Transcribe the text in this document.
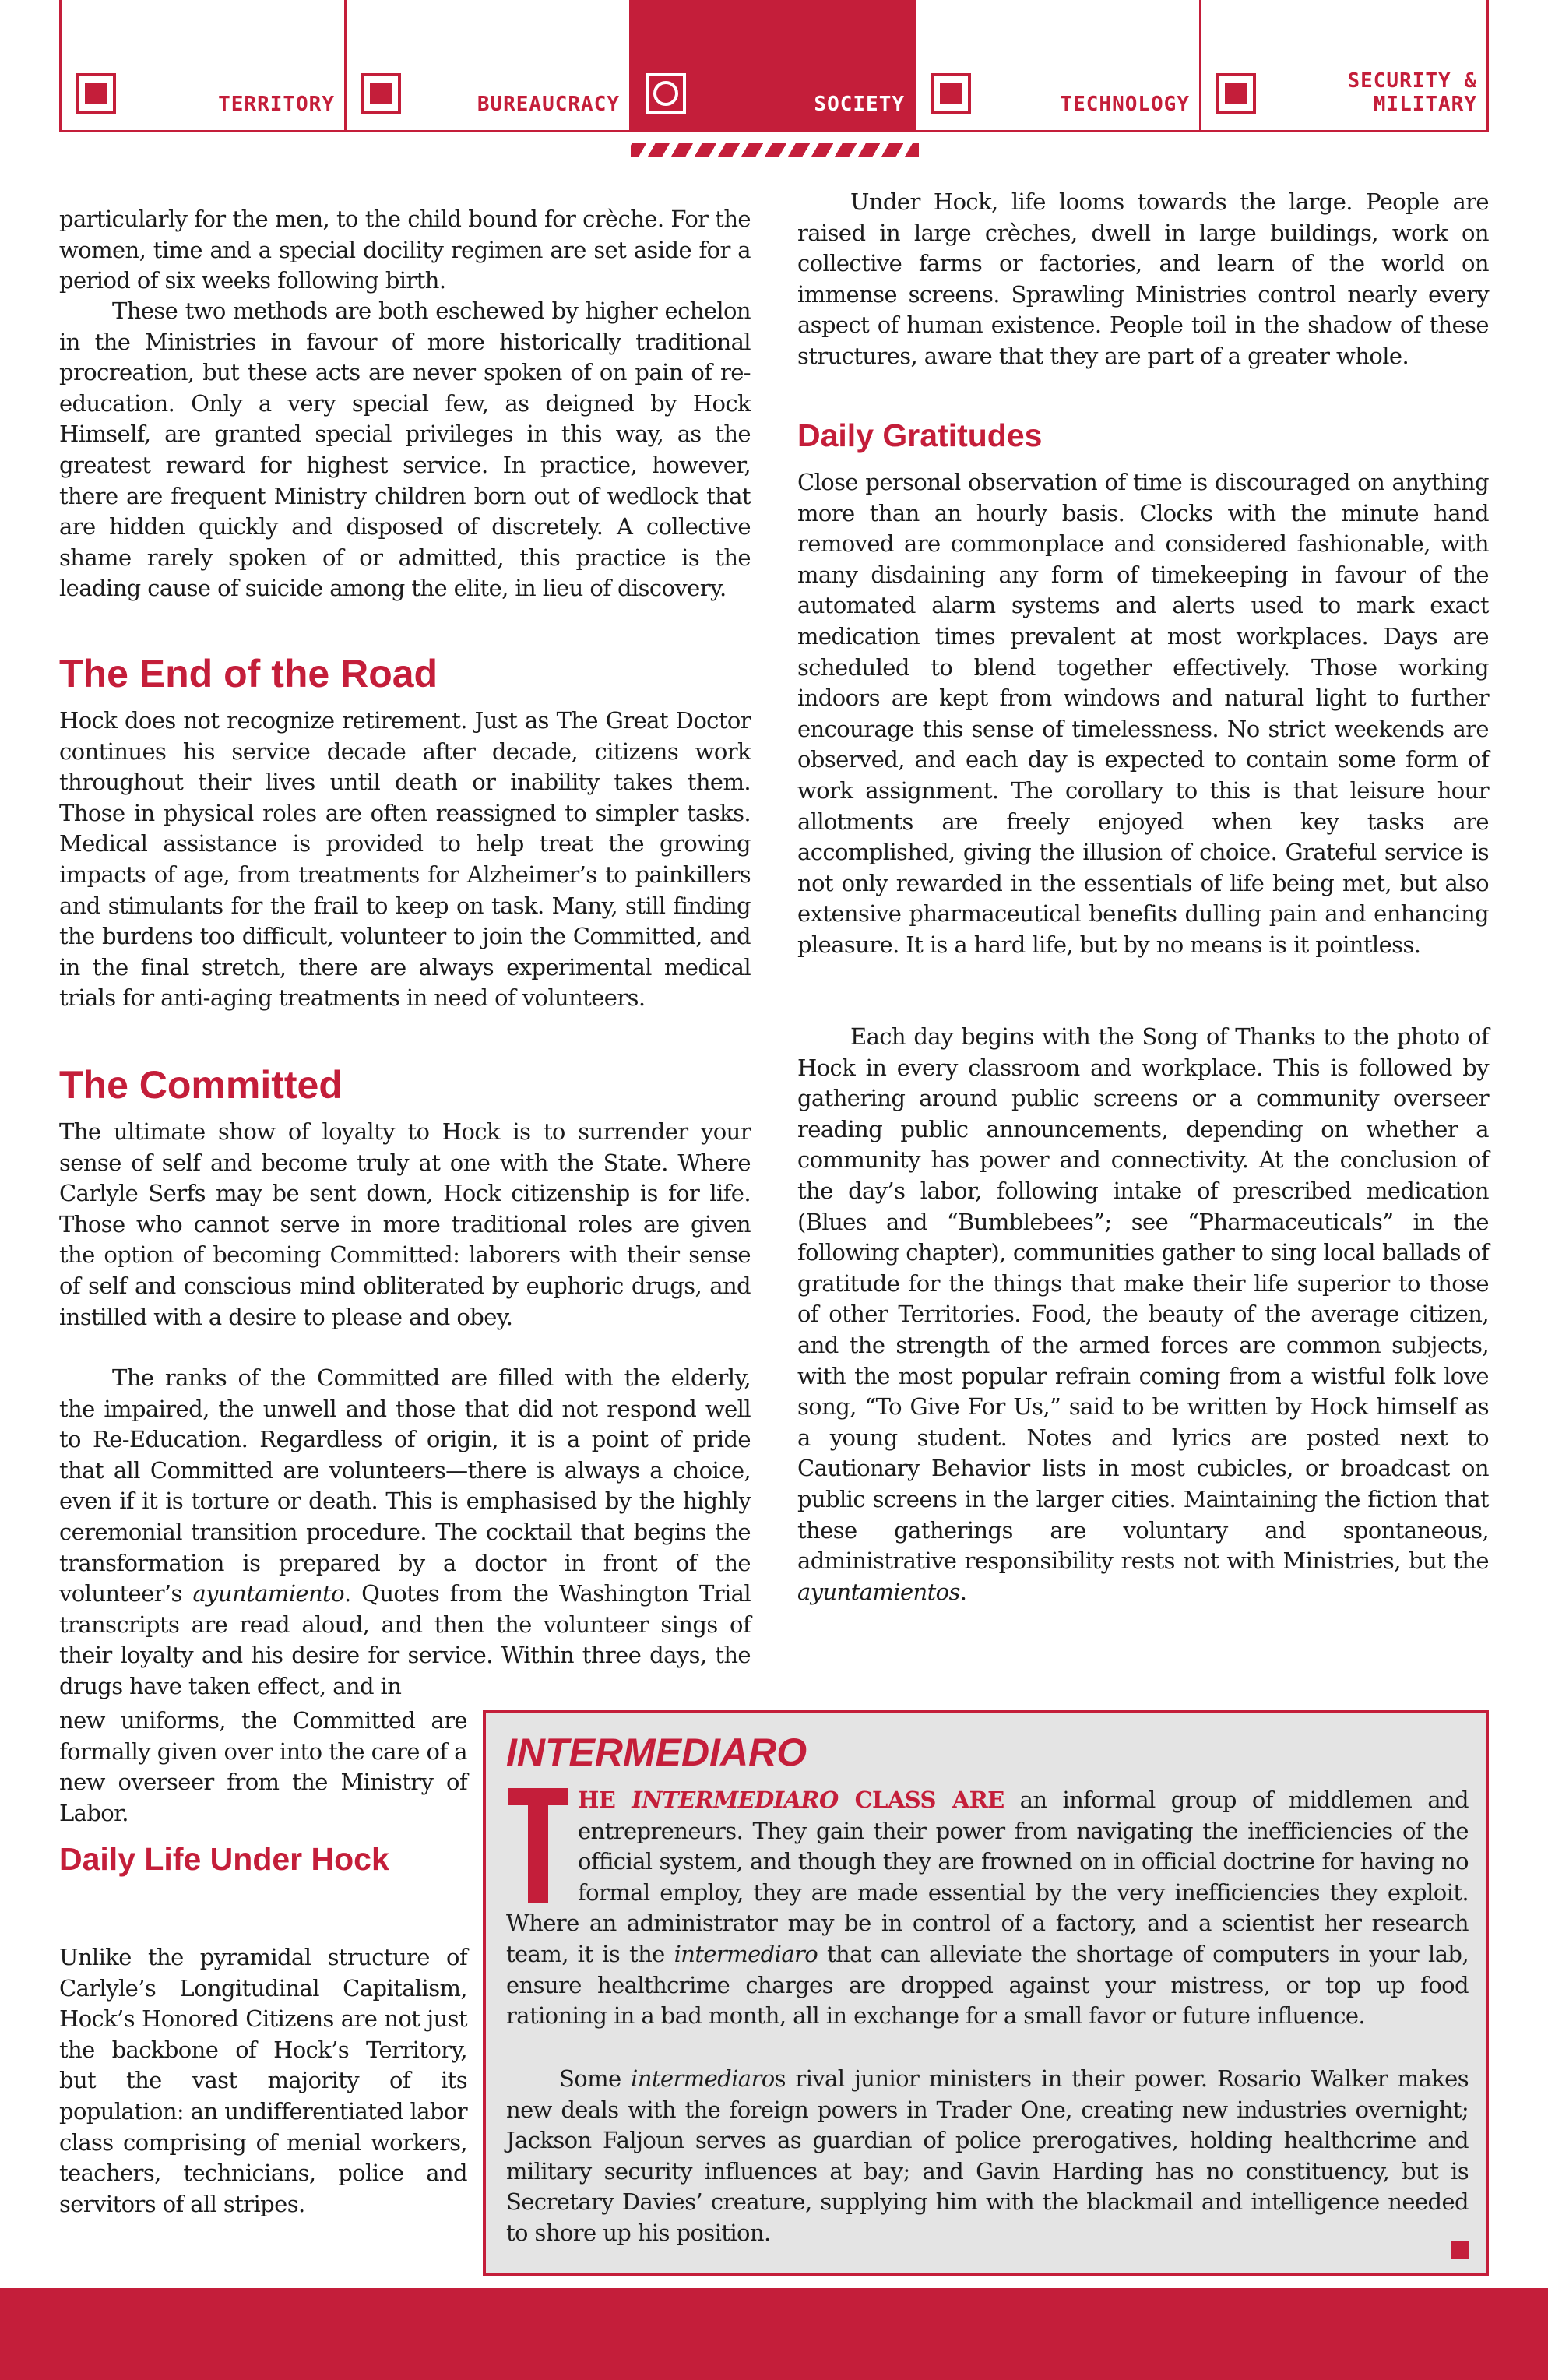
TERRITORY	BUREAUCRACY	SOCIETY	TECHNOLOGY
SECURITY & MILITARY

particularly for the men, to the child bound for crèche. For the women, time and a special docility regimen are set aside for a period of six weeks following birth.

These two methods are both eschewed by higher echelon in the Ministries in favour of more historically traditional procreation, but these acts are never spoken of on pain of re-education. Only a very special few, as deigned by Hock Himself, are granted special privileges in this way, as the greatest reward for highest service. In practice, however, there are frequent Ministry children born out of wedlock that are hidden quickly and disposed of discretely. A collective shame rarely spoken of or admitted, this practice is the leading cause of suicide among the elite, in lieu of discovery.

The End of the Road

Hock does not recognize retirement. Just as The Great Doctor continues his service decade after decade, citizens work throughout their lives until death or inability takes them. Those in physical roles are often reassigned to simpler tasks. Medical assistance is provided to help treat the growing impacts of age, from treatments for Alzheimer’s to painkillers and stimulants for the frail to keep on task. Many, still finding the burdens too difficult, volunteer to join the Committed, and in the final stretch, there are always experimental medical trials for anti-aging treatments in need of volunteers.

The Committed

The ultimate show of loyalty to Hock is to surrender your sense of self and become truly at one with the State. Where Carlyle Serfs may be sent down, Hock citizenship is for life. Those who cannot serve in more traditional roles are given the option of becoming Committed: laborers with their sense of self and conscious mind obliterated by euphoric drugs, and instilled with a desire to please and obey.

The ranks of the Committed are filled with the elderly, the impaired, the unwell and those that did not respond well to Re-Education. Regardless of origin, it is a point of pride that all Committed are volunteers—there is always a choice, even if it is torture or death. This is emphasised by the highly ceremonial transition procedure. The cocktail that begins the transformation is prepared by a doctor in front of the volunteer’s ayuntamiento. Quotes from the Washington Trial transcripts are read aloud, and then the volunteer sings of their loyalty and his desire for service. Within three days, the drugs have taken effect, and in

new uniforms, the Committed are formally given over into the care of a new overseer from the Ministry of Labor.

Daily Life Under Hock

Unlike the pyramidal structure of Carlyle’s Longitudinal Capitalism, Hock’s Honored Citizens are not just the backbone of Hock’s Territory, but the vast majority of its population: an undifferentiated labor class comprising of menial workers, teachers, technicians, police and servitors of all stripes.

Under Hock, life looms towards the large. People are raised in large crèches, dwell in large buildings, work on collective farms or factories, and learn of the world on immense screens. Sprawling Ministries control nearly every aspect of human existence. People toil in the shadow of these structures, aware that they are part of a greater whole.

Daily Gratitudes

Close personal observation of time is discouraged on anything more than an hourly basis. Clocks with the minute hand removed are commonplace and considered fashionable, with many disdaining any form of timekeeping in favour of the automated alarm systems and alerts used to mark exact medication times prevalent at most workplaces. Days are scheduled to blend together effectively. Those working indoors are kept from windows and natural light to further encourage this sense of timelessness. No strict weekends are observed, and each day is expected to contain some form of work assignment. The corollary to this is that leisure hour allotments are freely enjoyed when key tasks are accomplished, giving the illusion of choice. Grateful service is not only rewarded in the essentials of life being met, but also extensive pharmaceutical benefits dulling pain and enhancing pleasure. It is a hard life, but by no means is it pointless.

Each day begins with the Song of Thanks to the photo of Hock in every classroom and workplace. This is followed by gathering around public screens or a community overseer reading public announcements, depending on whether a community has power and connectivity. At the conclusion of the day’s labor, following intake of prescribed medication (Blues and “Bumblebees”; see “Pharmaceuticals” in the following chapter), communities gather to sing local ballads of gratitude for the things that make their life superior to those of other Territories. Food, the beauty of the average citizen, and the strength of the armed forces are common subjects, with the most popular refrain coming from a wistful folk love song, “To Give For Us,” said to be written by Hock himself as a young student. Notes and lyrics are posted next to Cautionary Behavior lists in most cubicles, or broadcast on public screens in the larger cities. Maintaining the fiction that these gatherings are voluntary and spontaneous, administrative responsibility rests not with Ministries, but the ayuntamientos.

INTERMEDIARO

HE INTERMEDIARO CLASS ARE an informal group of middlemen and entrepreneurs. They gain their power from navigating the inefficiencies of the official system, and though they are frowned on in official doctrine for having no formal employ, they are made essential by the very inefficiencies they exploit. Where an administrator may be in control of a factory, and a scientist her research team, it is the intermediaro that can alleviate the shortage of computers in your lab, ensure healthcrime charges are dropped against your mistress, or top up food rationing in a bad month, all in exchange for a small favor or future influence.

Some intermediaros rival junior ministers in their power. Rosario Walker makes new deals with the foreign powers in Trader One, creating new industries overnight; Jackson Faljoun serves as guardian of police prerogatives, holding healthcrime and military security influences at bay; and Gavin Harding has no constituency, but is Secretary Davies’ creature, supplying him with the blackmail and intelligence needed to shore up his position.
